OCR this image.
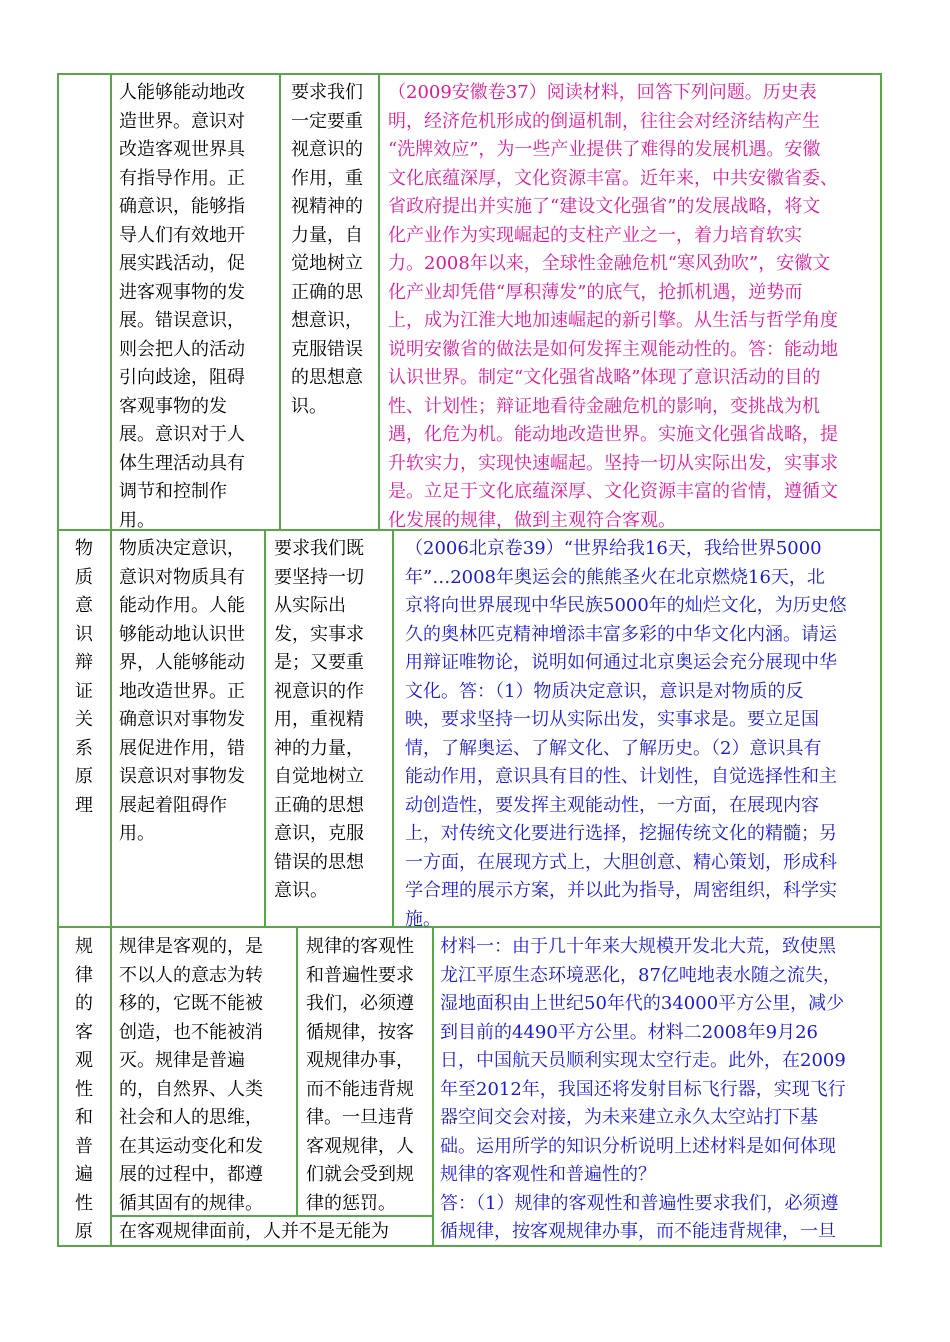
人能够能动地改
造世界。意识对
改造客观世界具
有指导作用。正
确意识，能够指
导人们有效地开
展实践活动，促
进客观事物的发
展。错误意识，
则会把人的活动
引向歧途，阻碍
客观事物的发
展。意识对于人
体生理活动具有
调节和控制作
用。
要求我们
一定要重
视意识的
作用，重
视精神的
力量，自
觉地树立
正确的思
想意识，
克服错误
的思想意
识。
（2009安徽卷37）阅读材料，回答下列问题。历史表
明，经济危机形成的倒逼机制，往往会对经济结构产生
“洗牌效应”，为一些产业提供了难得的发展机遇。安徽
文化底蕴深厚，文化资源丰富。近年来，中共安徽省委、
省政府提出并实施了“建设文化强省”的发展战略，将文
化产业作为实现崛起的支柱产业之一，着力培育软实
力。2008年以来，全球性金融危机“寒风劲吹”，安徽文
化产业却凭借“厚积薄发”的底气，抢抓机遇，逆势而
上，成为江淮大地加速崛起的新引擎。从生活与哲学角度
说明安徽省的做法是如何发挥主观能动性的。答：能动地
认识世界。制定“文化强省战略”体现了意识活动的目的
性、计划性；辩证地看待金融危机的影响，变挑战为机
遇，化危为机。能动地改造世界。实施文化强省战略，提
升软实力，实现快速崛起。坚持一切从实际出发，实事求
是。立足于文化底蕴深厚、文化资源丰富的省情，遵循文
化发展的规律，做到主观符合客观。
物
质
意
识
辩
证
关
系
原
理
物质决定意识，
意识对物质具有
能动作用。人能
够能动地认识世
界，人能够能动
地改造世界。正
确意识对事物发
展促进作用，错
误意识对事物发
展起着阻碍作
用。
要求我们既
要坚持一切
从实际出
发，实事求
是；又要重
视意识的作
用，重视精
神的力量，
自觉地树立
正确的思想
意识，克服
错误的思想
意识。
（2006北京卷39）“世界给我16天，我给世界5000
年”…2008年奥运会的熊熊圣火在北京燃烧16天，北
京将向世界展现中华民族5000年的灿烂文化，为历史悠
久的奥林匹克精神增添丰富多彩的中华文化内涵。请运
用辩证唯物论，说明如何通过北京奥运会充分展现中华
文化。答：（1）物质决定意识，意识是对物质的反
映，要求坚持一切从实际出发，实事求是。要立足国
情，了解奥运、了解文化、了解历史。（2）意识具有
能动作用，意识具有目的性、计划性，自觉选择性和主
动创造性，要发挥主观能动性，一方面，在展现内容
上，对传统文化要进行选择，挖掘传统文化的精髓；另
一方面，在展现方式上，大胆创意、精心策划，形成科
学合理的展示方案，并以此为指导，周密组织，科学实
施。
规
律
的
客
观
性
和
普
遍
性
原
规律是客观的，是
不以人的意志为转
移的，它既不能被
创造，也不能被消
灭。规律是普遍
的，自然界、人类
社会和人的思维，
在其运动变化和发
展的过程中，都遵
循其固有的规律。
规律的客观性
和普遍性要求
我们，必须遵
循规律，按客
观规律办事，
而不能违背规
律。一旦违背
客观规律，人
们就会受到规
律的惩罚。
在客观规律面前，人并不是无能为
材料一：由于几十年来大规模开发北大荒，致使黑
龙江平原生态环境恶化，87亿吨地表水随之流失，
湿地面积由上世纪50年代的34000平方公里，减少
到目前的4490平方公里。材料二2008年9月26
日，中国航天员顺利实现太空行走。此外，在2009
年至2012年，我国还将发射目标飞行器，实现飞行
器空间交会对接，为未来建立永久太空站打下基
础。运用所学的知识分析说明上述材料是如何体现
规律的客观性和普遍性的？
答：（1）规律的客观性和普遍性要求我们，必须遵
循规律，按客观规律办事，而不能违背规律，一旦
